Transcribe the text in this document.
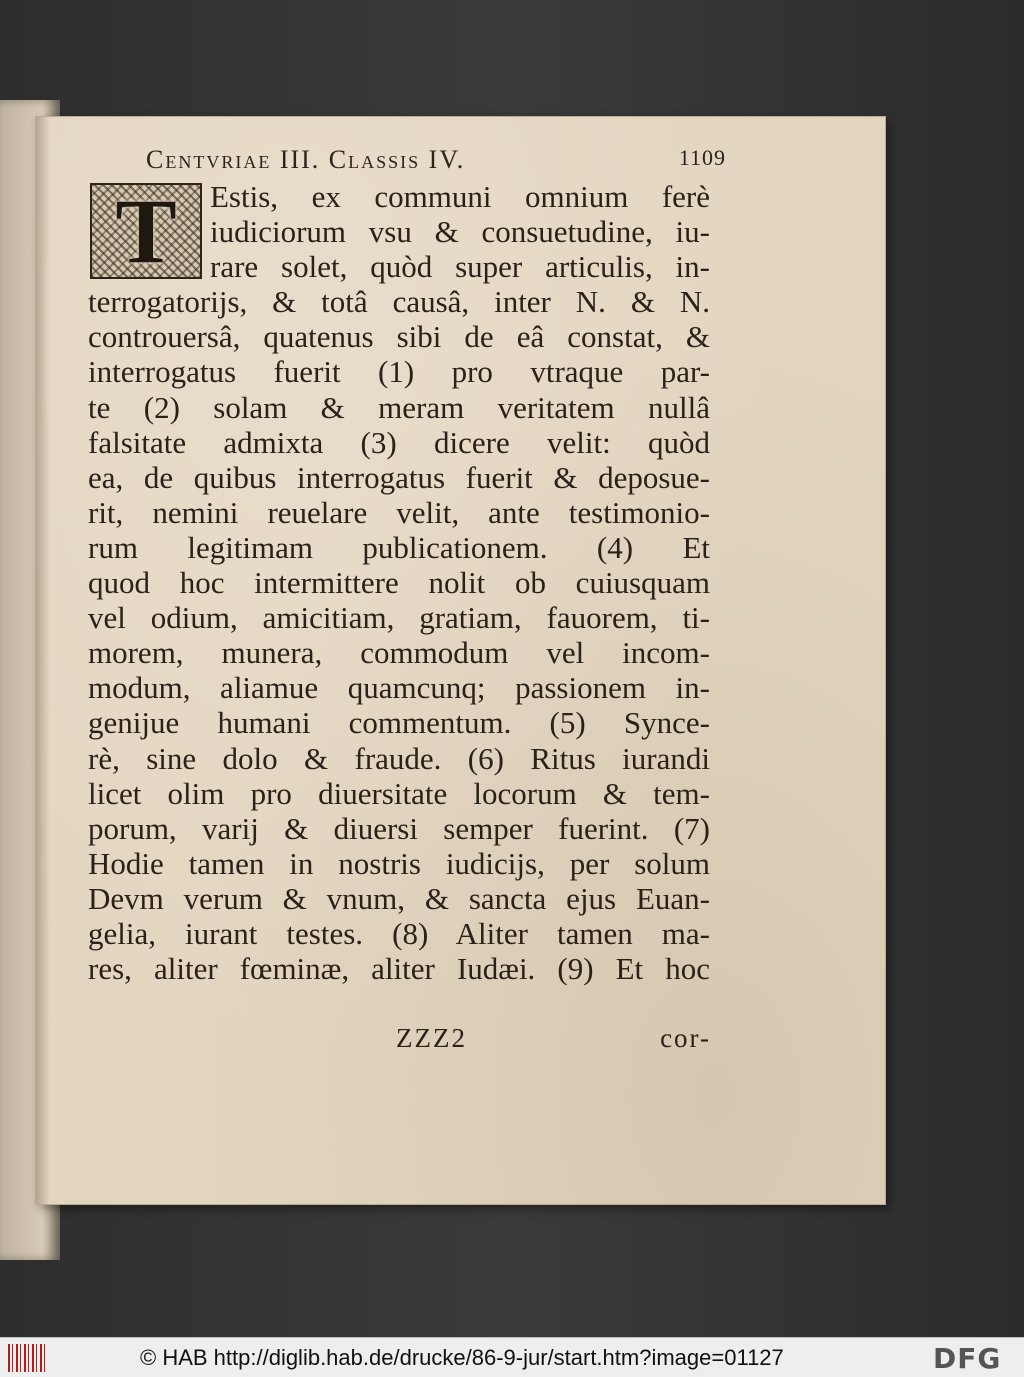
Centvriae III. Classis IV.	1109
T	Estis, ex communi omnium ferè
iudiciorum vsu & consuetudine, iu-
rare solet, quòd super articulis, in-
terrogatorijs, & totâ causâ, inter N. & N.
controuersâ, quatenus sibi de eâ constat, &
interrogatus fuerit (1) pro vtraque par-
te (2) solam & meram veritatem nullâ
falsitate admixta (3) dicere velit: quòd
ea, de quibus interrogatus fuerit & deposue-
rit, nemini reuelare velit, ante testimonio-
rum legitimam publicationem. (4) Et
quod hoc intermittere nolit ob cuiusquam
vel odium, amicitiam, gratiam, fauorem, ti-
morem, munera, commodum vel incom-
modum, aliamue quamcunq; passionem in-
genijue humani commentum. (5) Synce-
rè, sine dolo & fraude. (6) Ritus iurandi
licet olim pro diuersitate locorum & tem-
porum, varij & diuersi semper fuerint. (7)
Hodie tamen in nostris iudicijs, per solum
Devm verum & vnum, & sancta ejus Euan-
gelia, iurant testes. (8) Aliter tamen ma-
res, aliter fœminæ, aliter Iudæi. (9) Et hoc
ZZZ2	cor-
© HAB http://diglib.hab.de/drucke/86-9-jur/start.htm?image=01127	DFG
